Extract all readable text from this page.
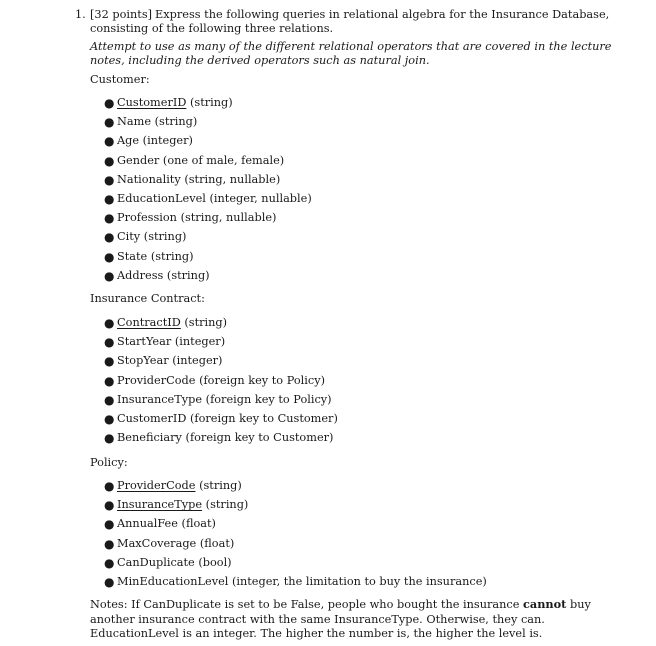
1. [32 points] Express the following queries in relational algebra for the Insurance Database, consisting of the following three relations.
Attempt to use as many of the different relational operators that are covered in the lecture notes, including the derived operators such as natural join.
Customer:
● CustomerID (string)
● Name (string)
● Age (integer)
● Gender (one of male, female)
● Nationality (string, nullable)
● EducationLevel (integer, nullable)
● Profession (string, nullable)
● City (string)
● State (string)
● Address (string)
Insurance Contract:
● ContractID (string)
● StartYear (integer)
● StopYear (integer)
● ProviderCode (foreign key to Policy)
● InsuranceType (foreign key to Policy)
● CustomerID (foreign key to Customer)
● Beneficiary (foreign key to Customer)
Policy:
● ProviderCode (string)
● InsuranceType (string)
● AnnualFee (float)
● MaxCoverage (float)
● CanDuplicate (bool)
● MinEducationLevel (integer, the limitation to buy the insurance)
Notes: If CanDuplicate is set to be False, people who bought the insurance cannot buy another insurance contract with the same InsuranceType. Otherwise, they can.
EducationLevel is an integer. The higher the number is, the higher the level is.
